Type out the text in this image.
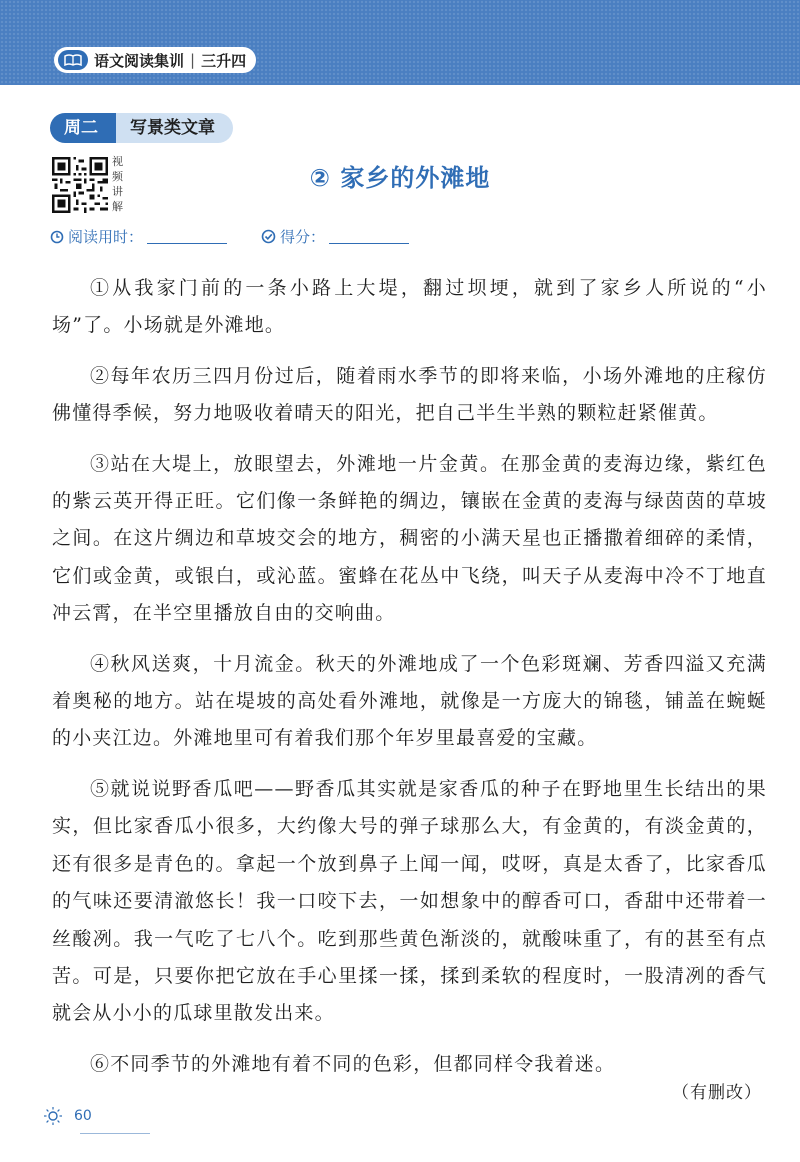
语文阅读集训 | 三升四
周二	写景类文章
视频讲解
② 家乡的外滩地
阅读用时：	得分：

①从我家门前的一条小路上大堤，翻过坝埂，就到了家乡人所说的“小场”了。小场就是外滩地。

②每年农历三四月份过后，随着雨水季节的即将来临，小场外滩地的庄稼仿佛懂得季候，努力地吸收着晴天的阳光，把自己半生半熟的颗粒赶紧催黄。

③站在大堤上，放眼望去，外滩地一片金黄。在那金黄的麦海边缘，紫红色的紫云英开得正旺。它们像一条鲜艳的绸边，镶嵌在金黄的麦海与绿茵茵的草坡之间。在这片绸边和草坡交会的地方，稠密的小满天星也正播撒着细碎的柔情，它们或金黄，或银白，或沁蓝。蜜蜂在花丛中飞绕，叫天子从麦海中冷不丁地直冲云霄，在半空里播放自由的交响曲。

④秋风送爽，十月流金。秋天的外滩地成了一个色彩斑斓、芳香四溢又充满着奥秘的地方。站在堤坡的高处看外滩地，就像是一方庞大的锦毯，铺盖在蜿蜒的小夹江边。外滩地里可有着我们那个年岁里最喜爱的宝藏。

⑤就说说野香瓜吧——野香瓜其实就是家香瓜的种子在野地里生长结出的果实，但比家香瓜小很多，大约像大号的弹子球那么大，有金黄的，有淡金黄的，还有很多是青色的。拿起一个放到鼻子上闻一闻，哎呀，真是太香了，比家香瓜的气味还要清澈悠长！我一口咬下去，一如想象中的醇香可口，香甜中还带着一丝酸冽。我一气吃了七八个。吃到那些黄色渐淡的，就酸味重了，有的甚至有点苦。可是，只要你把它放在手心里揉一揉，揉到柔软的程度时，一股清冽的香气就会从小小的瓜球里散发出来。

⑥不同季节的外滩地有着不同的色彩，但都同样令我着迷。

（有删改）
60
